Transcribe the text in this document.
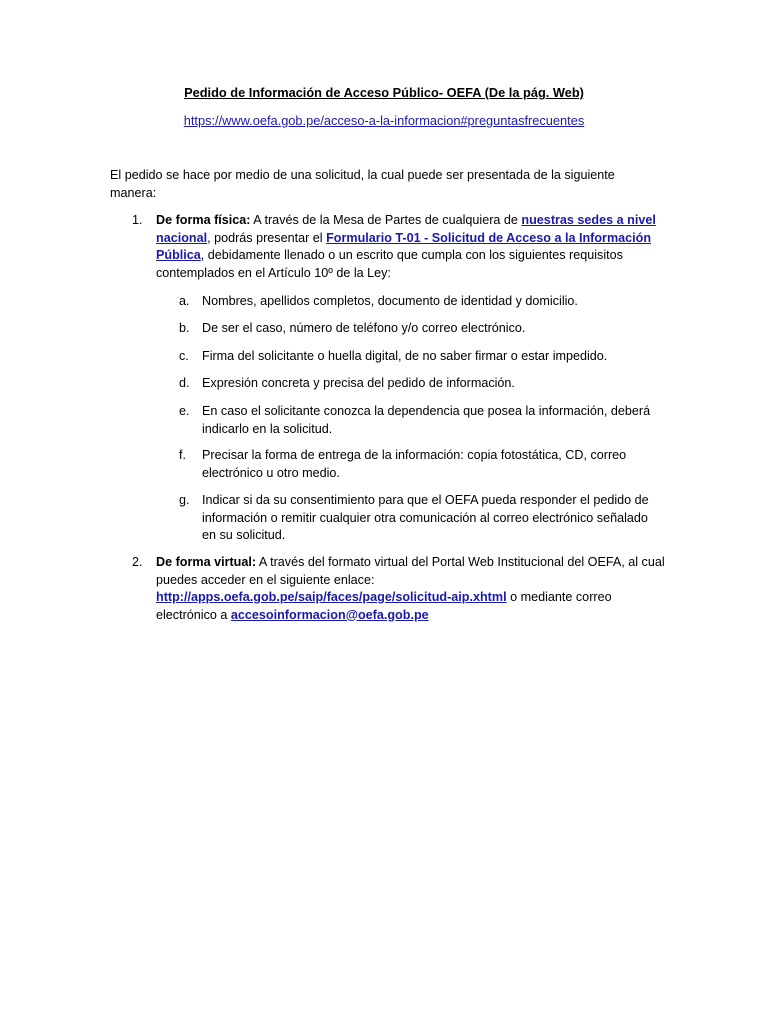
Pedido de Información de Acceso Público- OEFA (De la pág. Web)
https://www.oefa.gob.pe/acceso-a-la-informacion#preguntasfrecuentes
El pedido se hace por medio de una solicitud, la cual puede ser presentada de la siguiente manera:
1.	De forma física: A través de la Mesa de Partes de cualquiera de nuestras sedes a nivel nacional, podrás presentar el Formulario T-01 - Solicitud de Acceso a la Información Pública, debidamente llenado o un escrito que cumpla con los siguientes requisitos contemplados en el Artículo 10º de la Ley:
a. Nombres, apellidos completos, documento de identidad y domicilio.
b. De ser el caso, número de teléfono y/o correo electrónico.
c.	Firma del solicitante o huella digital, de no saber firmar o estar impedido.
d. Expresión concreta y precisa del pedido de información.
e. En caso el solicitante conozca la dependencia que posea la información, deberá indicarlo en la solicitud.
f.	Precisar la forma de entrega de la información: copia fotostática, CD, correo electrónico u otro medio.
g. Indicar si da su consentimiento para que el OEFA pueda responder el pedido de información o remitir cualquier otra comunicación al correo electrónico señalado en su solicitud.
2.	De forma virtual: A través del formato virtual del Portal Web Institucional del OEFA, al cual puedes acceder en el siguiente enlace: http://apps.oefa.gob.pe/saip/faces/page/solicitud-aip.xhtml o mediante correo electrónico a accesoinformacion@oefa.gob.pe
